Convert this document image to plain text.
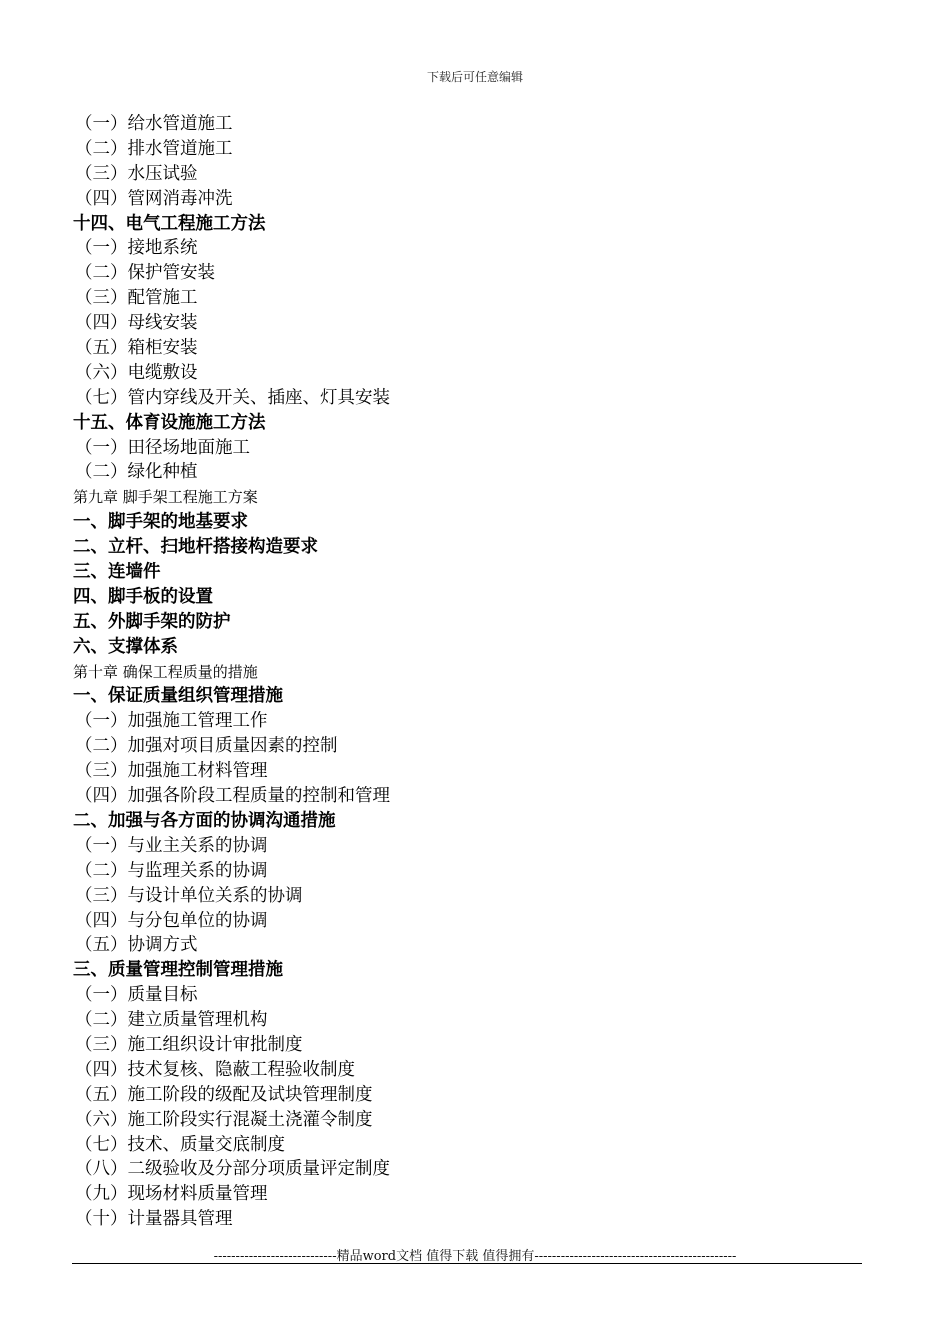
下载后可任意编辑
（一）给水管道施工
（二）排水管道施工
（三）水压试验
（四）管网消毒冲洗
十四、电气工程施工方法
（一）接地系统
（二）保护管安装
（三）配管施工
（四）母线安装
（五）箱柜安装
（六）电缆敷设
（七）管内穿线及开关、插座、灯具安装
十五、体育设施施工方法
（一）田径场地面施工
（二）绿化种植
第九章 脚手架工程施工方案
一、脚手架的地基要求
二、立杆、扫地杆搭接构造要求
三、连墙件
四、脚手板的设置
五、外脚手架的防护
六、支撑体系
第十章 确保工程质量的措施
一、保证质量组织管理措施
（一）加强施工管理工作
（二）加强对项目质量因素的控制
（三）加强施工材料管理
（四）加强各阶段工程质量的控制和管理
二、加强与各方面的协调沟通措施
（一）与业主关系的协调
（二）与监理关系的协调
（三）与设计单位关系的协调
（四）与分包单位的协调
（五）协调方式
三、质量管理控制管理措施
（一）质量目标
（二）建立质量管理机构
（三）施工组织设计审批制度
（四）技术复核、隐蔽工程验收制度
（五）施工阶段的级配及试块管理制度
（六）施工阶段实行混凝土浇灌令制度
（七）技术、质量交底制度
（八）二级验收及分部分项质量评定制度
（九）现场材料质量管理
（十）计量器具管理
----------------------------精品word文档 值得下载 值得拥有----------------------------------------------
